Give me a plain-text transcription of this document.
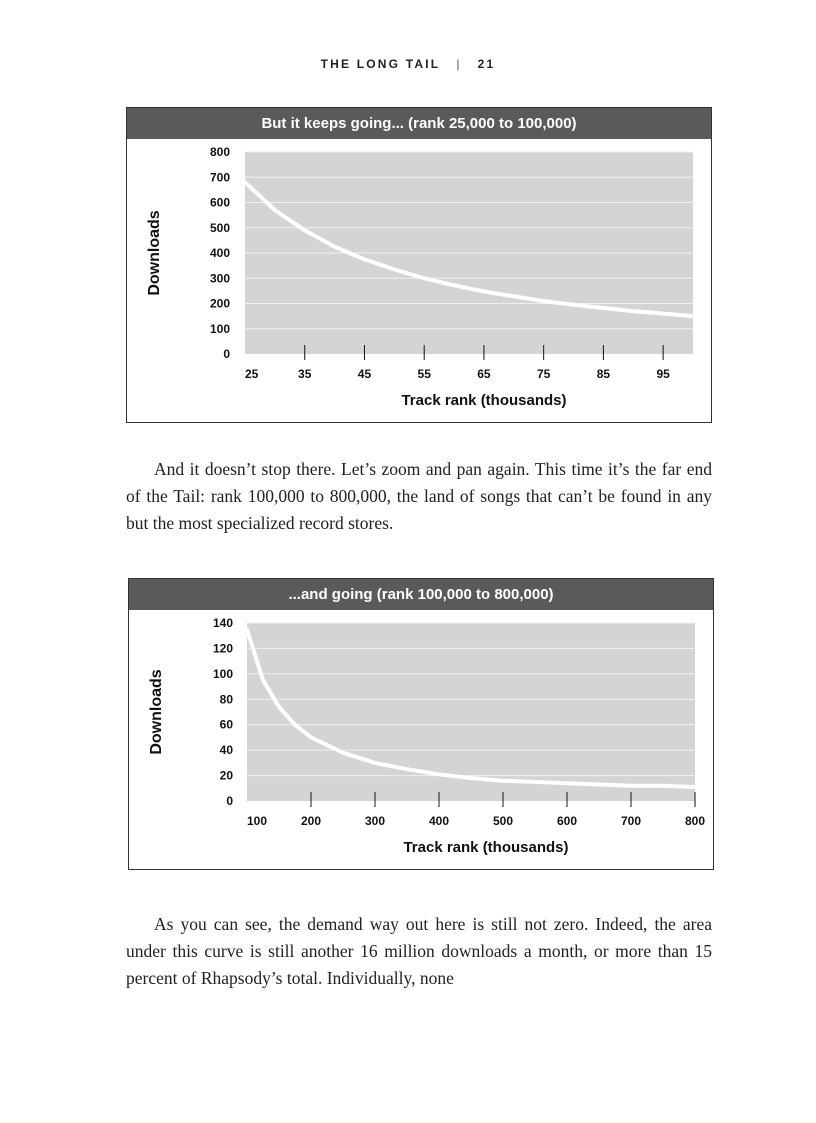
THE LONG TAIL | 21
But it keeps going... (rank 25,000 to 100,000)
0
100
200
300
400
500
600
700
800
25	35	45	55	65	75	85	95
Track rank (thousands)
Downloads

And it doesn’t stop there. Let’s zoom and pan again. This time it’s the far end of the Tail: rank 100,000 to 800,000, the land of songs that can’t be found in any but the most specialized record stores.

...and going (rank 100,000 to 800,000)
0
20
40
60
80
100
120
140
100	200	300	400	500	600	700	800
Track rank (thousands)
Downloads

As you can see, the demand way out here is still not zero. Indeed, the area under this curve is still another 16 million downloads a month, or more than 15 percent of Rhapsody’s total. Individually, none
